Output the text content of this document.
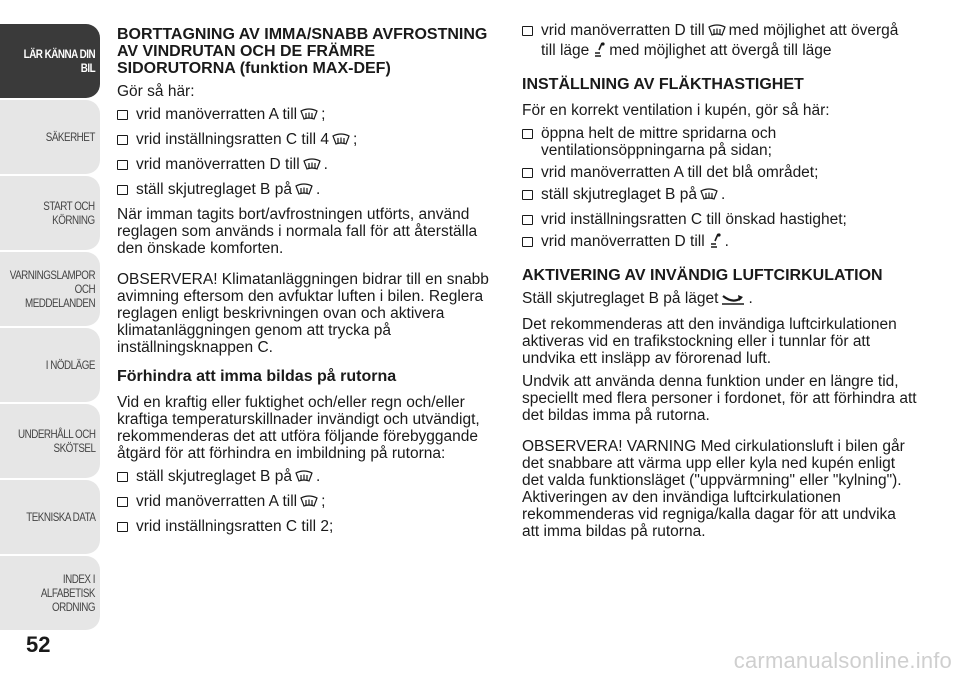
LÄR KÄNNA DIN
BIL
SÄKERHET
START OCH
KÖRNING
VARNINGSLAMPOR
OCH
MEDDELANDEN
I NÖDLÄGE
UNDERHÅLL OCH
SKÖTSEL
TEKNISKA DATA
INDEX I ALFABETISK
ORDNING
52
BORTTAGNING AV IMMA/SNABB AVFROSTNING AV VINDRUTAN OCH DE FRÄMRE SIDORUTORNA (funktion MAX-DEF)
Gör så här:
vrid manöverratten A till ;
vrid inställningsratten C till 4 ;
vrid manöverratten D till .
ställ skjutreglaget B på .
När imman tagits bort/avfrostningen utförts, använd reglagen som används i normala fall för att återställa den önskade komforten.
OBSERVERA! Klimatanläggningen bidrar till en snabb avimning eftersom den avfuktar luften i bilen. Reglera reglagen enligt beskrivningen ovan och aktivera klimatanläggningen genom att trycka på inställningsknappen C.
Förhindra att imma bildas på rutorna
Vid en kraftig eller fuktighet och/eller regn och/eller kraftiga temperaturskillnader invändigt och utvändigt, rekommenderas det att utföra följande förebyggande åtgärd för att förhindra en imbildning på rutorna:
ställ skjutreglaget B på .
vrid manöverratten A till ;
vrid inställningsratten C till 2;
vrid manöverratten D till med möjlighet att övergå till läge med möjlighet att övergå till läge
INSTÄLLNING AV FLÄKTHASTIGHET
För en korrekt ventilation i kupén, gör så här:
öppna helt de mittre spridarna och ventilationsöppningarna på sidan;
vrid manöverratten A till det blå området;
ställ skjutreglaget B på .
vrid inställningsratten C till önskad hastighet;
vrid manöverratten D till .
AKTIVERING AV INVÄNDIG LUFTCIRKULATION
Ställ skjutreglaget B på läget .
Det rekommenderas att den invändiga luftcirkulationen aktiveras vid en trafikstockning eller i tunnlar för att undvika ett insläpp av förorenad luft.
Undvik att använda denna funktion under en längre tid, speciellt med flera personer i fordonet, för att förhindra att det bildas imma på rutorna.
OBSERVERA! VARNING Med cirkulationsluft i bilen går det snabbare att värma upp eller kyla ned kupén enligt det valda funktionsläget ("uppvärmning" eller "kylning"). Aktiveringen av den invändiga luftcirkulationen rekommenderas vid regniga/kalla dagar för att undvika att imma bildas på rutorna.
carmanualsonline.info
